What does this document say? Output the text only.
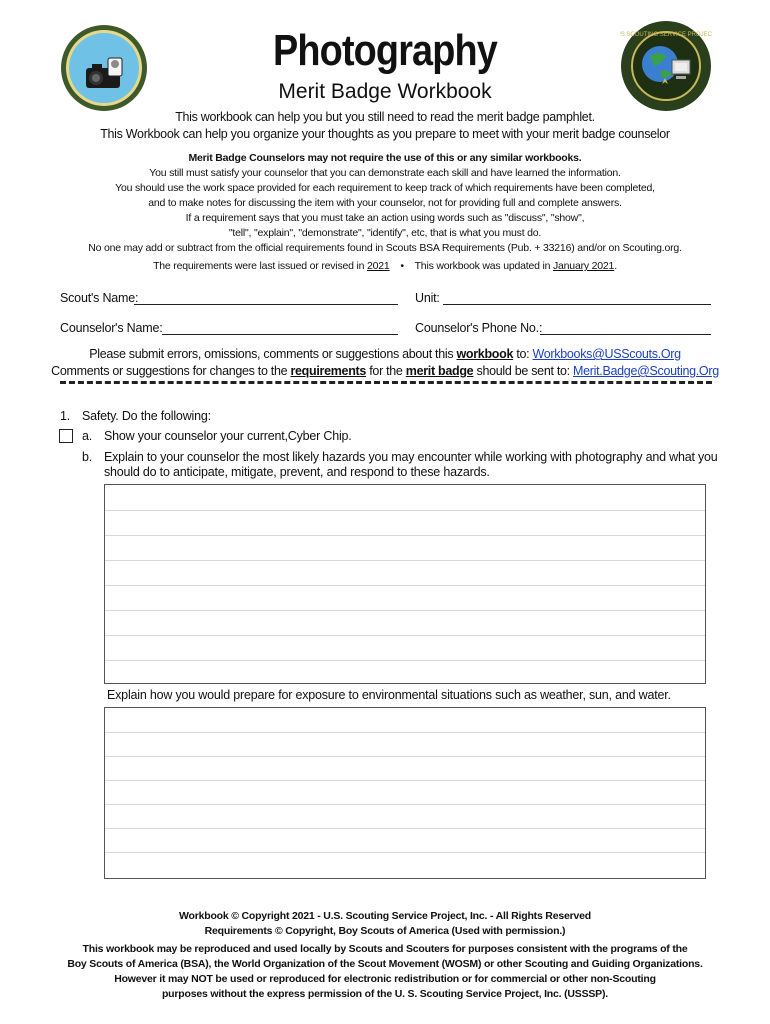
US SCOUTING SERVICE PROJECT
Photography
Merit Badge Workbook
This workbook can help you but you still need to read the merit badge pamphlet.
This Workbook can help you organize your thoughts as you prepare to meet with your merit badge counselor
Merit Badge Counselors may not require the use of this or any similar workbooks.
You still must satisfy your counselor that you can demonstrate each skill and have learned the information.
You should use the work space provided for each requirement to keep track of which requirements have been completed,
and to make notes for discussing the item with your counselor, not for providing full and complete answers.
If a requirement says that you must take an action using words such as "discuss", "show",
"tell", "explain", "demonstrate", "identify", etc, that is what you must do.
No one may add or subtract from the official requirements found in Scouts BSA Requirements (Pub. + 33216) and/or on Scouting.org.
The requirements were last issued or revised in 2021 • This workbook was updated in January 2021.
Scout's Name:	Unit:
Counselor's Name:	Counselor's Phone No.:
Please submit errors, omissions, comments or suggestions about this workbook to: Workbooks@USScouts.Org
Comments or suggestions for changes to the requirements for the merit badge should be sent to: Merit.Badge@Scouting.Org
1. Safety. Do the following:
a. Show your counselor your current,Cyber Chip.
b. Explain to your counselor the most likely hazards you may encounter while working with photography and what you
should do to anticipate, mitigate, prevent, and respond to these hazards.
Explain how you would prepare for exposure to environmental situations such as weather, sun, and water.
Workbook © Copyright 2021 - U.S. Scouting Service Project, Inc. - All Rights Reserved
Requirements © Copyright, Boy Scouts of America (Used with permission.)
This workbook may be reproduced and used locally by Scouts and Scouters for purposes consistent with the programs of the
Boy Scouts of America (BSA), the World Organization of the Scout Movement (WOSM) or other Scouting and Guiding Organizations.
However it may NOT be used or reproduced for electronic redistribution or for commercial or other non-Scouting
purposes without the express permission of the U. S. Scouting Service Project, Inc. (USSSP).
